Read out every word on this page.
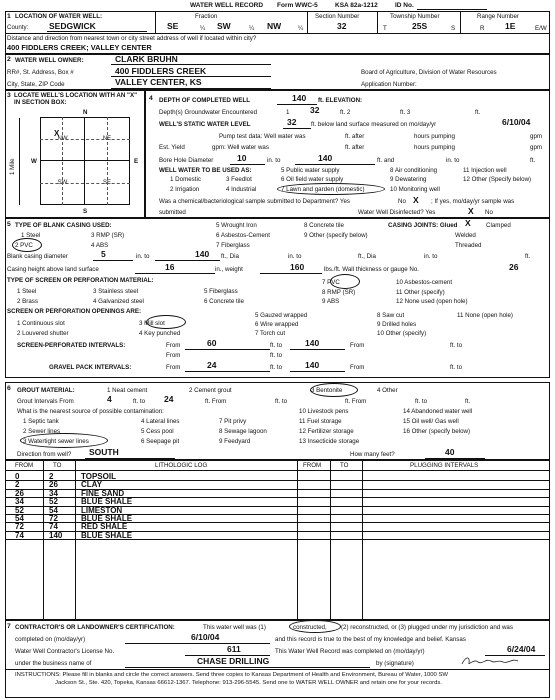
WATER WELL RECORD Form WWC-5	KSA 82a-1212	ID No.
1 LOCATION OF WATER WELL:
County: SEDGWICK
Fraction
SE	¼ SW	¼ NW	¼
Section Number
32
Township Number
T	25S	S
Range Number
R 1E	E/W
Distance and direction from nearest town or city street address of well if located within city?
400 FIDDLERS CREEK; VALLEY CENTER
2 WATER WELL OWNER:	CLARK BRUHN
RR#, St. Address, Box #	400 FIDDLERS CREEK
City, State, ZIP Code	VALLEY CENTER, KS
Board of Agriculture, Division of Water Resources
Application Number:
3 LOCATE WELL'S LOCATION WITH AN "X" IN SECTION BOX:
NW	NE
SW	SE
X
N
S
W	E
1 Mile
4 DEPTH OF COMPLETED WELL	140 ft. ELEVATION:
Depth(s) Groundwater Encountered	1 32	ft. 2	ft. 3	ft.
WELL'S STATIC WATER LEVEL	32 ft. below land surface measured on mo/day/yr	6/10/04
Pump test data: Well water was	ft. after	hours pumping	gpm
Est. Yield	gpm: Well water was	ft. after	hours pumping	gpm
Bore Hole Diameter	10	in. to	140	ft. and	in. to	ft.
WELL WATER TO BE USED AS:
1 Domestic	3 Feedlot
2 Irrigation	4 Industrial
5 Public water supply
6 Oil field water supply
7 Lawn and garden (domestic)
8 Air conditioning
9 Dewatering
10 Monitoring well
11 Injection well
12 Other (Specify below)
Was a chemical/bacteriological sample submitted to Department? Yes	No X ; If yes, mo/day/yr sample was
submitted	Water Well Disinfected? Yes	X No
5 TYPE OF BLANK CASING USED:
1 Steel	3 RMP (SR)
2 PVC	4 ABS
5 Wrought Iron
6 Asbestos-Cement
7 Fiberglass
8 Concrete tile
9 Other (specify below)
CASING JOINTS: Glued X Clamped
Welded
Threaded
Blank casing diameter	5	in. to	140 ft., Dia	in. to	ft., Dia	in. to	ft.
Casing height above land surface	16	in., weight	160	lbs./ft. Wall thickness or gauge No.	26
TYPE OF SCREEN OR PERFORATION MATERIAL:
1 Steel
2 Brass
3 Stainless steel
4 Galvanized steel
5 Fiberglass
6 Concrete tile
7 PVC
8 RMP (SR)
9 ABS
10 Asbestos-cement
11 Other (specify)
12 None used (open hole)
SCREEN OR PERFORATION OPENINGS ARE:
1 Continuous slot
2 Louvered shutter
3 Mill slot
4 Key punched
5 Gauzed wrapped
6 Wire wrapped
7 Torch cut
8 Saw cut
9 Drilled holes
10 Other (specify)
11 None (open hole)
SCREEN-PERFORATED INTERVALS:	From	60	ft. to	140	From	ft. to
From	ft. to
GRAVEL PACK INTERVALS:	From	24	ft. to	140	From	ft. to
6 GROUT MATERIAL:	1 Neat cement	2 Cement grout	3 Bentonite	4 Other
Grout Intervals From	4	ft. to 24	ft. From	ft. to	ft. From	ft. to	ft.
What is the nearest source of possible contamination:
1 Septic tank
2 Sewer lines
3 Watertight sewer lines
4 Lateral lines
5 Cess pool
6 Seepage pit
7 Pit privy
8 Sewage lagoon
9 Feedyard
10 Livestock pens
11 Fuel storage
12 Fertilizer storage
13 Insecticide storage
14 Abandoned water well
15 Oil well/ Gas well
16 Other (specify below)
Direction from well? SOUTH	How many feet?	40
FROM	TO	LITHOLOGIC LOG	FROM	TO	PLUGGING INTERVALS
0	2	TOPSOIL
2	26	CLAY
26	34	FINE SAND
34	52	BLUE SHALE
52	54	LIMESTON
54	72	BLUE SHALE
72	74	RED SHALE
74	140 BLUE SHALE
7 CONTRACTOR'S OR LANDOWNER'S CERTIFICATION:	This water well was (1)	constructed, (2) reconstructed, or (3) plugged under my jurisdiction and was
completed on (mo/day/yr)	6/10/04	and this record is true to the best of my knowledge and belief. Kansas
Water Well Contractor's License No.	611	This Water Well Record was completed on (mo/day/yr)	6/24/04
under the business name of	CHASE DRILLING	by (signature)
INSTRUCTIONS: Please fill in blanks and circle the correct answers. Send three copies to Kansas Department of Health and Environment, Bureau of Water, 1000 SW
Jackson St., Ste. 420, Topeka, Kansas 66612-1367. Telephone: 913-296-5545. Send one to WATER WELL OWNER and retain one for your records.
